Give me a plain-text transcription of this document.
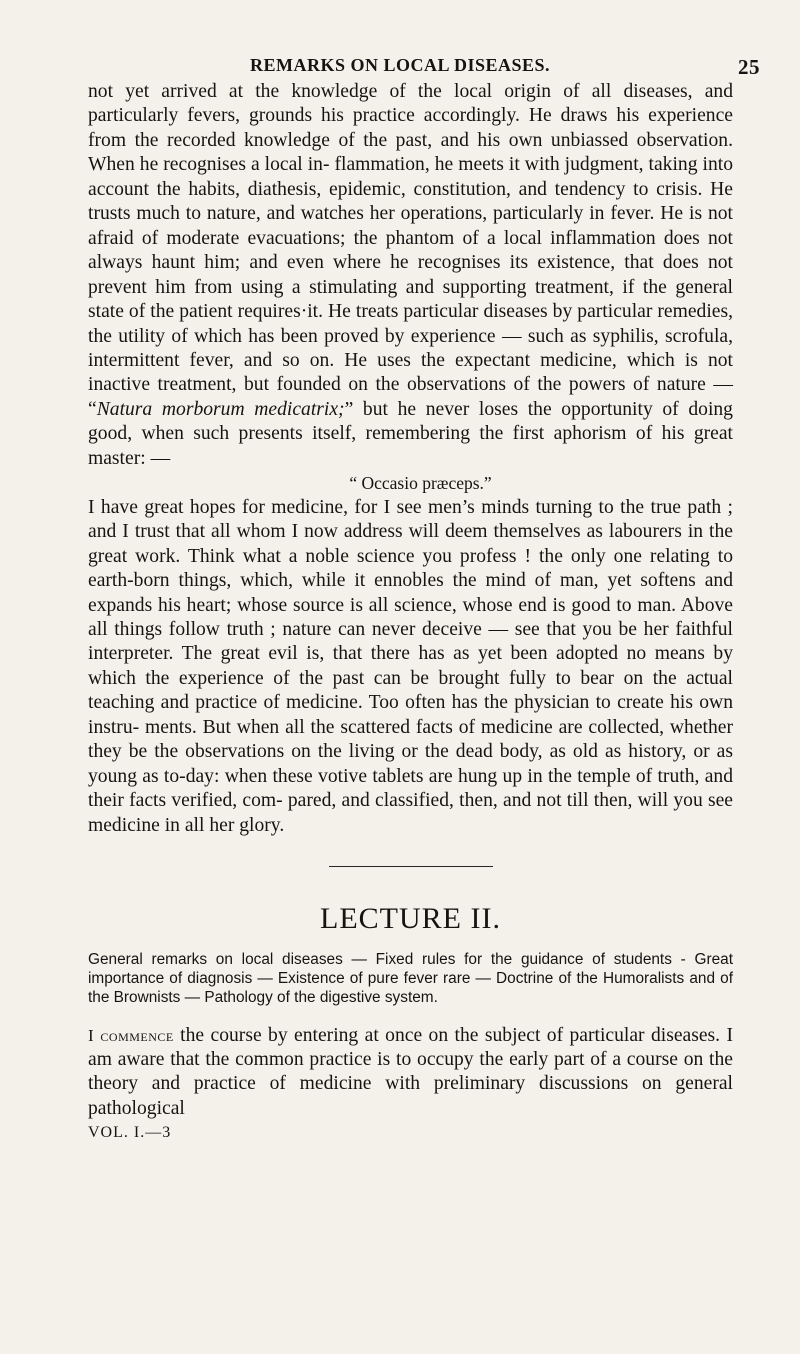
REMARKS ON LOCAL DISEASES.	25

not yet arrived at the knowledge of the local origin of all diseases, and particularly fevers, grounds his practice accordingly. He draws his experience from the recorded knowledge of the past, and his own unbiassed observation. When he recognises a local in- flammation, he meets it with judgment, taking into account the habits, diathesis, epidemic, constitution, and tendency to crisis. He trusts much to nature, and watches her operations, particularly in fever. He is not afraid of moderate evacuations; the phantom of a local inflammation does not always haunt him; and even where he recognises its existence, that does not prevent him from using a stimulating and supporting treatment, if the general state of the patient requires·it. He treats particular diseases by particular remedies, the utility of which has been proved by experience — such as syphilis, scrofula, intermittent fever, and so on. He uses the expectant medicine, which is not inactive treatment, but founded on the observations of the powers of nature — “Natura morborum medicatrix;” but he never loses the opportunity of doing good, when such presents itself, remembering the first aphorism of his great master: —

“ Occasio præceps.”

I have great hopes for medicine, for I see men’s minds turning to the true path ; and I trust that all whom I now address will deem themselves as labourers in the great work. Think what a noble science you profess ! the only one relating to earth-born things, which, while it ennobles the mind of man, yet softens and expands his heart; whose source is all science, whose end is good to man. Above all things follow truth ; nature can never deceive — see that you be her faithful interpreter. The great evil is, that there has as yet been adopted no means by which the experience of the past can be brought fully to bear on the actual teaching and practice of medicine. Too often has the physician to create his own instru- ments. But when all the scattered facts of medicine are collected, whether they be the observations on the living or the dead body, as old as history, or as young as to-day: when these votive tablets are hung up in the temple of truth, and their facts verified, com- pared, and classified, then, and not till then, will you see medicine in all her glory.

LECTURE II.

General remarks on local diseases — Fixed rules for the guidance of students - Great importance of diagnosis — Existence of pure fever rare — Doctrine of the Humoralists and of the Brownists — Pathology of the digestive system.

I commence the course by entering at once on the subject of particular diseases. I am aware that the common practice is to occupy the early part of a course on the theory and practice of medicine with preliminary discussions on general pathological

VOL. I.—3
